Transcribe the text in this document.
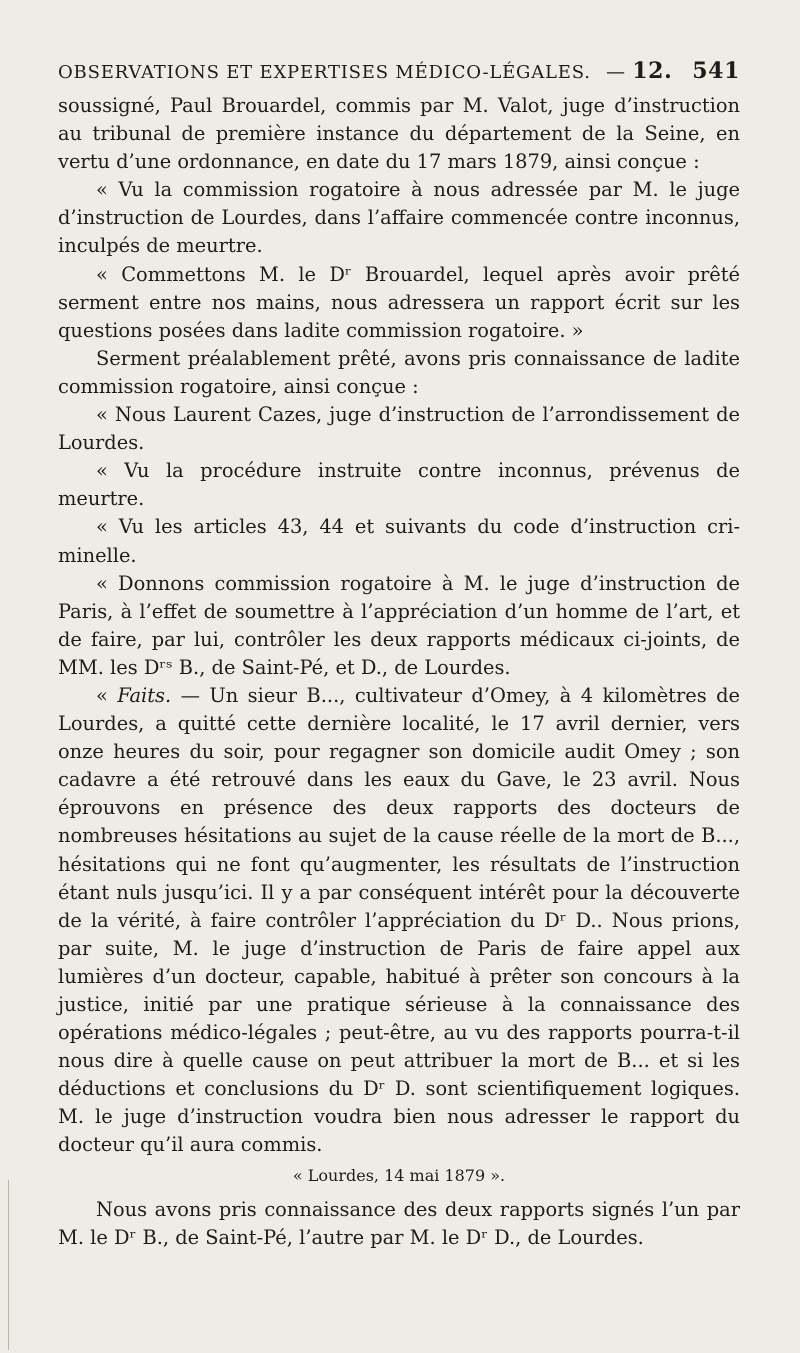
OBSERVATIONS ET EXPERTISES MÉDICO-LÉGALES. — 12. 541

soussigné, Paul Brouardel, commis par M. Valot, juge d’instruction au tribunal de première instance du département de la Seine, en vertu d’une ordonnance, en date du 17 mars 1879, ainsi conçue :

« Vu la commission rogatoire à nous adressée par M. le juge d’instruction de Lourdes, dans l’affaire commencée contre inconnus, inculpés de meurtre.

« Commettons M. le Dʳ Brouardel, lequel après avoir prêté serment entre nos mains, nous adressera un rapport écrit sur les questions posées dans ladite commission rogatoire. »

Serment préalablement prêté, avons pris connaissance de ladite commission rogatoire, ainsi conçue :

« Nous Laurent Cazes, juge d’instruction de l’arrondissement de Lourdes.

« Vu la procédure instruite contre inconnus, prévenus de meurtre.

« Vu les articles 43, 44 et suivants du code d’instruction criminelle.

« Donnons commission rogatoire à M. le juge d’instruction de Paris, à l’effet de soumettre à l’appréciation d’un homme de l’art, et de faire, par lui, contrôler les deux rapports médicaux ci-joints, de MM. les Dʳˢ B., de Saint-Pé, et D., de Lourdes.

« Faits. — Un sieur B..., cultivateur d’Omey, à 4 kilomètres de Lourdes, a quitté cette dernière localité, le 17 avril dernier, vers onze heures du soir, pour regagner son domicile audit Omey ; son cadavre a été retrouvé dans les eaux du Gave, le 23 avril. Nous éprouvons en présence des deux rapports des docteurs de nombreuses hésitations au sujet de la cause réelle de la mort de B..., hésitations qui ne font qu’augmenter, les résultats de l’instruction étant nuls jusqu’ici. Il y a par conséquent intérêt pour la découverte de la vérité, à faire contrôler l’appréciation du Dʳ D.. Nous prions, par suite, M. le juge d’instruction de Paris de faire appel aux lumières d’un docteur, capable, habitué à prêter son concours à la justice, initié par une pratique sérieuse à la connaissance des opérations médico-légales ; peut-être, au vu des rapports pourra-t-il nous dire à quelle cause on peut attribuer la mort de B... et si les déductions et conclusions du Dʳ D. sont scientifiquement logiques. M. le juge d’instruction voudra bien nous adresser le rapport du docteur qu’il aura commis.

« Lourdes, 14 mai 1879 ».

Nous avons pris connaissance des deux rapports signés l’un par M. le Dʳ B., de Saint-Pé, l’autre par M. le Dʳ D., de Lourdes.
